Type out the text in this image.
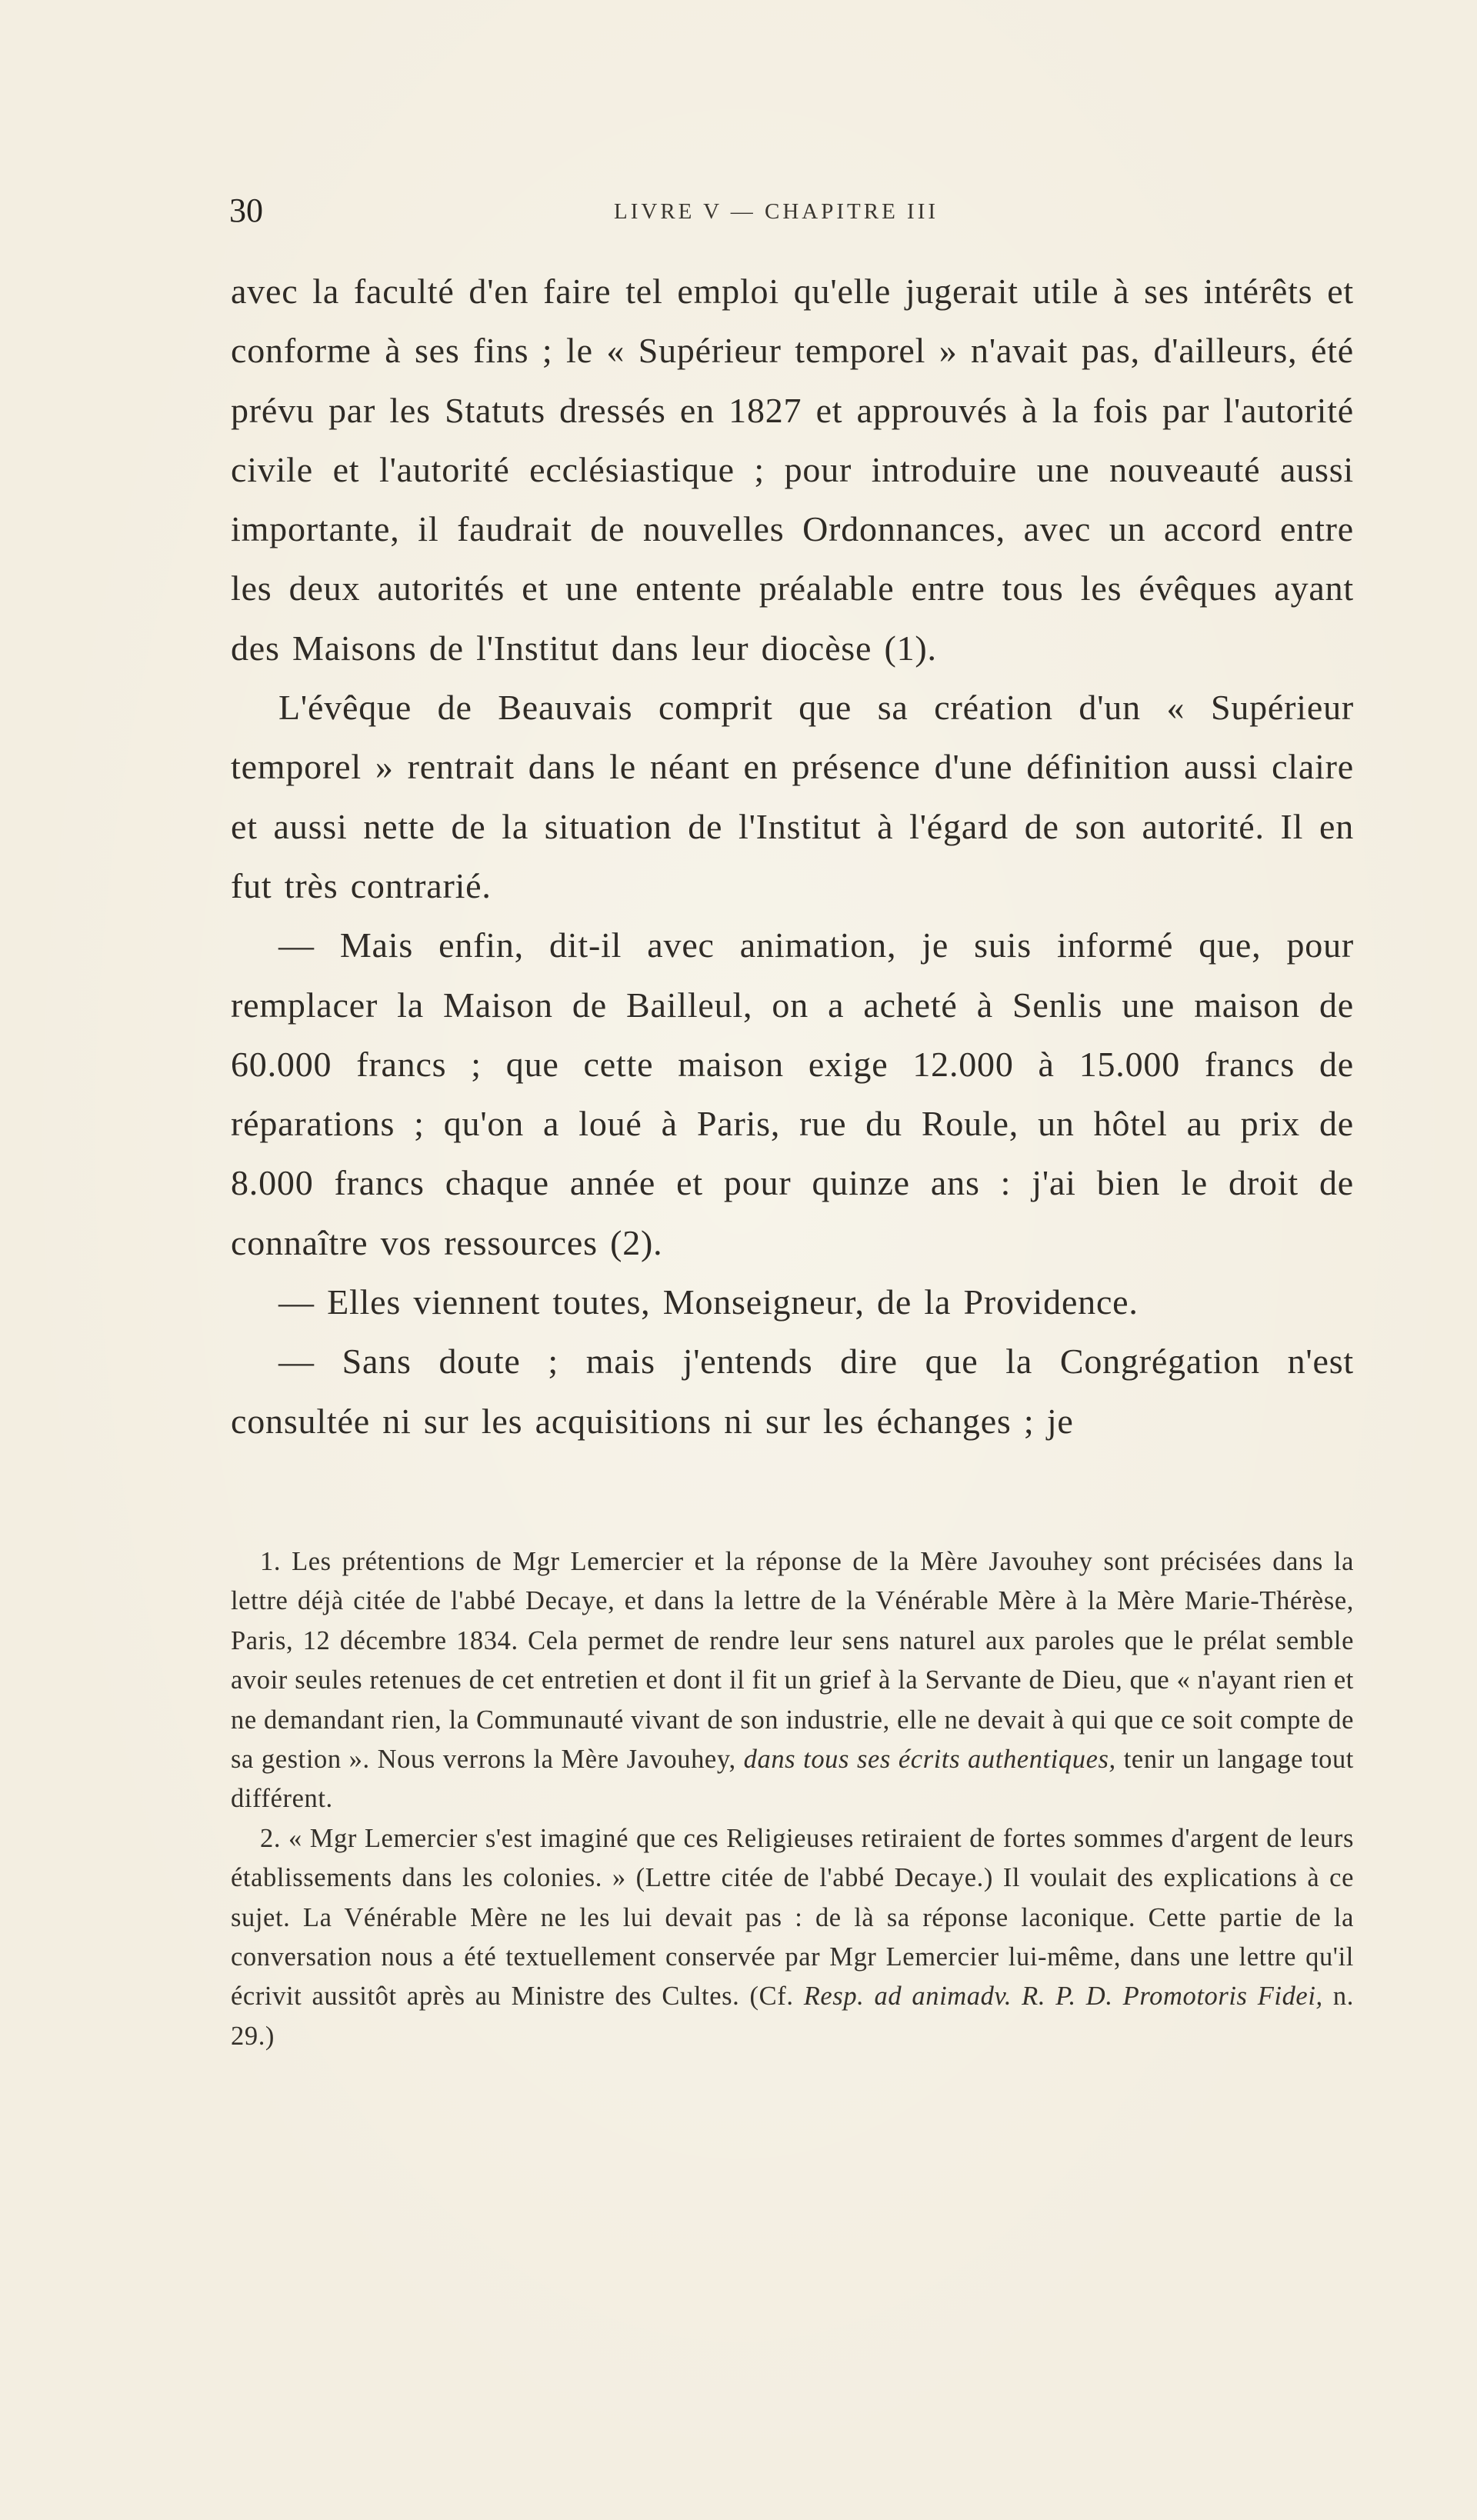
30	LIVRE V — CHAPITRE III

avec la faculté d'en faire tel emploi qu'elle jugerait utile à ses intérêts et conforme à ses fins ; le « Supérieur temporel » n'avait pas, d'ailleurs, été prévu par les Statuts dressés en 1827 et approuvés à la fois par l'autorité civile et l'autorité ecclésiastique ; pour introduire une nouveauté aussi importante, il faudrait de nouvelles Ordonnances, avec un accord entre les deux autorités et une entente préalable entre tous les évêques ayant des Maisons de l'Institut dans leur diocèse (1).

L'évêque de Beauvais comprit que sa création d'un « Supérieur temporel » rentrait dans le néant en présence d'une définition aussi claire et aussi nette de la situation de l'Institut à l'égard de son autorité. Il en fut très contrarié.

— Mais enfin, dit-il avec animation, je suis informé que, pour remplacer la Maison de Bailleul, on a acheté à Senlis une maison de 60.000 francs ; que cette maison exige 12.000 à 15.000 francs de réparations ; qu'on a loué à Paris, rue du Roule, un hôtel au prix de 8.000 francs chaque année et pour quinze ans : j'ai bien le droit de connaître vos ressources (2).

— Elles viennent toutes, Monseigneur, de la Providence.

— Sans doute ; mais j'entends dire que la Congrégation n'est consultée ni sur les acquisitions ni sur les échanges ; je

1. Les prétentions de Mgr Lemercier et la réponse de la Mère Javouhey sont précisées dans la lettre déjà citée de l'abbé Decaye, et dans la lettre de la Vénérable Mère à la Mère Marie-Thérèse, Paris, 12 décembre 1834. Cela permet de rendre leur sens naturel aux paroles que le prélat semble avoir seules retenues de cet entretien et dont il fit un grief à la Servante de Dieu, que « n'ayant rien et ne demandant rien, la Communauté vivant de son industrie, elle ne devait à qui que ce soit compte de sa gestion ». Nous verrons la Mère Javouhey, dans tous ses écrits authentiques, tenir un langage tout différent.

2. « Mgr Lemercier s'est imaginé que ces Religieuses retiraient de fortes sommes d'argent de leurs établissements dans les colonies. » (Lettre citée de l'abbé Decaye.) Il voulait des explications à ce sujet. La Vénérable Mère ne les lui devait pas : de là sa réponse laconique. Cette partie de la conversation nous a été textuellement conservée par Mgr Lemercier lui-même, dans une lettre qu'il écrivit aussitôt après au Ministre des Cultes. (Cf. Resp. ad animadv. R. P. D. Promotoris Fidei, n. 29.)
